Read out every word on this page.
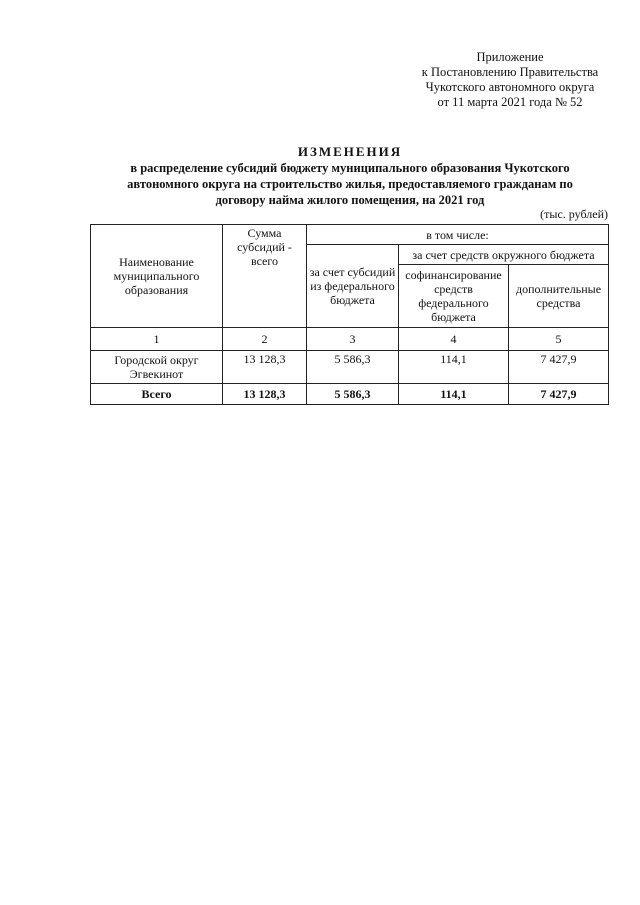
Приложение
к Постановлению Правительства
Чукотского автономного округа
от 11 марта 2021 года № 52
ИЗМЕНЕНИЯ
в распределение субсидий бюджету муниципального образования Чукотского
автономного округа на строительство жилья, предоставляемого гражданам по
договору найма жилого помещения, на 2021 год
(тыс. рублей)
Наименование муниципального образования	Сумма субсидий - всего	в том числе:		
		за счет субсидий из федерального бюджета	за счет средств окружного бюджета	
			софинансирование средств федерального бюджета	дополнительные средства
1	2	3	4	5
Городской округ Эгвекинот	13 128,3	5 586,3	114,1	7 427,9
Всего	13 128,3	5 586,3	114,1	7 427,9
